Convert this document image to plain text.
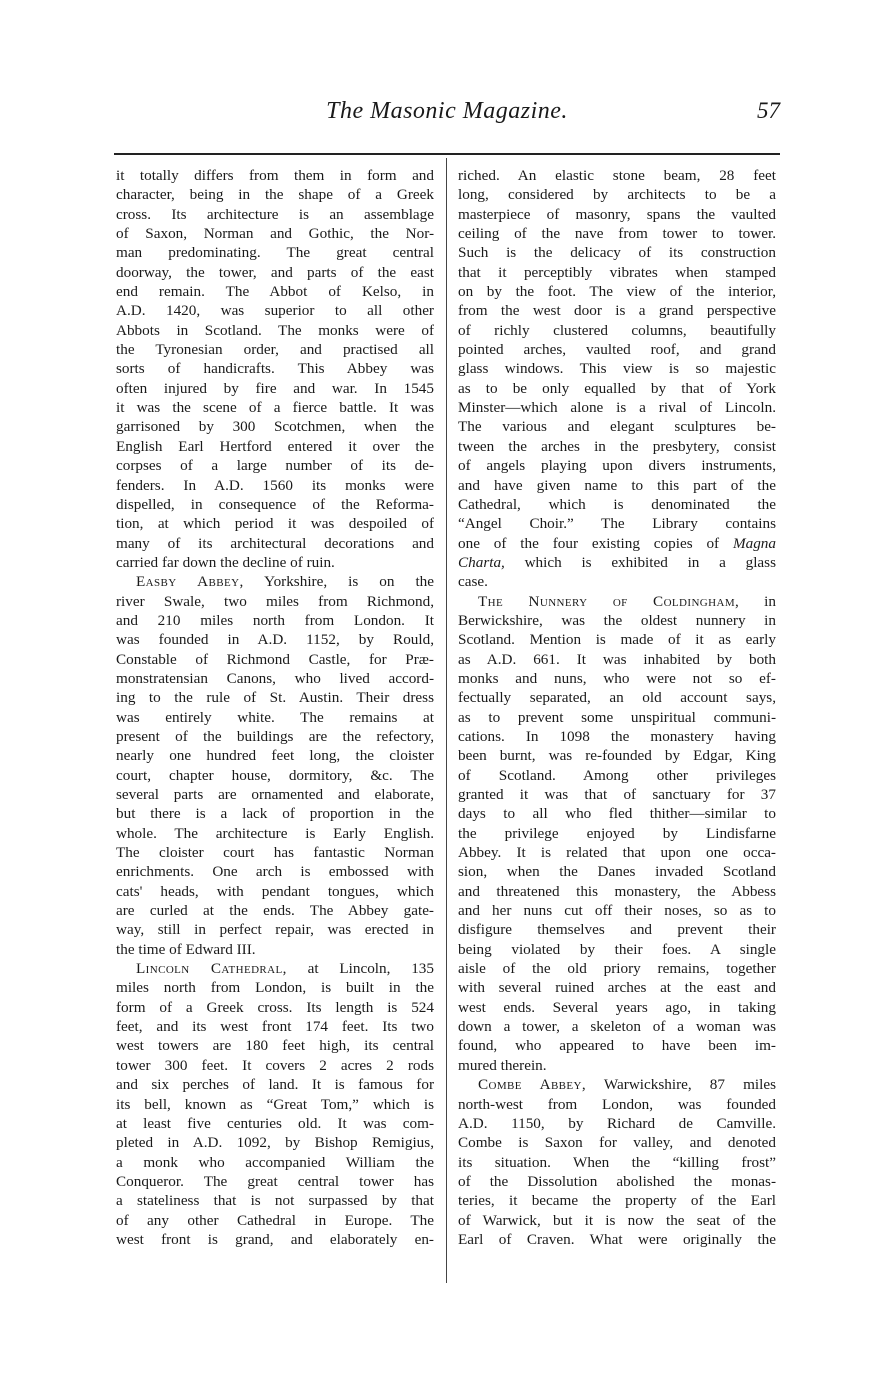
The Masonic Magazine.	57
it totally differs from them in form and
character, being in the shape of a Greek
cross. Its architecture is an assemblage
of Saxon, Norman and Gothic, the Nor-
man predominating. The great central
doorway, the tower, and parts of the east
end remain. The Abbot of Kelso, in
A.D. 1420, was superior to all other
Abbots in Scotland. The monks were of
the Tyronesian order, and practised all
sorts of handicrafts. This Abbey was
often injured by fire and war. In 1545
it was the scene of a fierce battle. It was
garrisoned by 300 Scotchmen, when the
English Earl Hertford entered it over the
corpses of a large number of its de-
fenders. In A.D. 1560 its monks were
dispelled, in consequence of the Reforma-
tion, at which period it was despoiled of
many of its architectural decorations and
carried far down the decline of ruin.
Easby Abbey, Yorkshire, is on the
river Swale, two miles from Richmond,
and 210 miles north from London. It
was founded in A.D. 1152, by Rould,
Constable of Richmond Castle, for Præ-
monstratensian Canons, who lived accord-
ing to the rule of St. Austin. Their dress
was entirely white. The remains at
present of the buildings are the refectory,
nearly one hundred feet long, the cloister
court, chapter house, dormitory, &c. The
several parts are ornamented and elaborate,
but there is a lack of proportion in the
whole. The architecture is Early English.
The cloister court has fantastic Norman
enrichments. One arch is embossed with
cats' heads, with pendant tongues, which
are curled at the ends. The Abbey gate-
way, still in perfect repair, was erected in
the time of Edward III.
Lincoln Cathedral, at Lincoln, 135
miles north from London, is built in the
form of a Greek cross. Its length is 524
feet, and its west front 174 feet. Its two
west towers are 180 feet high, its central
tower 300 feet. It covers 2 acres 2 rods
and six perches of land. It is famous for
its bell, known as “Great Tom,” which is
at least five centuries old. It was com-
pleted in A.D. 1092, by Bishop Remigius,
a monk who accompanied William the
Conqueror. The great central tower has
a stateliness that is not surpassed by that
of any other Cathedral in Europe. The
west front is grand, and elaborately en-
riched. An elastic stone beam, 28 feet
long, considered by architects to be a
masterpiece of masonry, spans the vaulted
ceiling of the nave from tower to tower.
Such is the delicacy of its construction
that it perceptibly vibrates when stamped
on by the foot. The view of the interior,
from the west door is a grand perspective
of richly clustered columns, beautifully
pointed arches, vaulted roof, and grand
glass windows. This view is so majestic
as to be only equalled by that of York
Minster—which alone is a rival of Lincoln.
The various and elegant sculptures be-
tween the arches in the presbytery, consist
of angels playing upon divers instruments,
and have given name to this part of the
Cathedral, which is denominated the
“Angel Choir.” The Library contains
one of the four existing copies of Magna
Charta, which is exhibited in a glass
case.
The Nunnery of Coldingham, in
Berwickshire, was the oldest nunnery in
Scotland. Mention is made of it as early
as A.D. 661. It was inhabited by both
monks and nuns, who were not so ef-
fectually separated, an old account says,
as to prevent some unspiritual communi-
cations. In 1098 the monastery having
been burnt, was re-founded by Edgar, King
of Scotland. Among other privileges
granted it was that of sanctuary for 37
days to all who fled thither—similar to
the privilege enjoyed by Lindisfarne
Abbey. It is related that upon one occa-
sion, when the Danes invaded Scotland
and threatened this monastery, the Abbess
and her nuns cut off their noses, so as to
disfigure themselves and prevent their
being violated by their foes. A single
aisle of the old priory remains, together
with several ruined arches at the east and
west ends. Several years ago, in taking
down a tower, a skeleton of a woman was
found, who appeared to have been im-
mured therein.
Combe Abbey, Warwickshire, 87 miles
north-west from London, was founded
A.D. 1150, by Richard de Camville.
Combe is Saxon for valley, and denoted
its situation. When the “killing frost”
of the Dissolution abolished the monas-
teries, it became the property of the Earl
of Warwick, but it is now the seat of the
Earl of Craven. What were originally the
